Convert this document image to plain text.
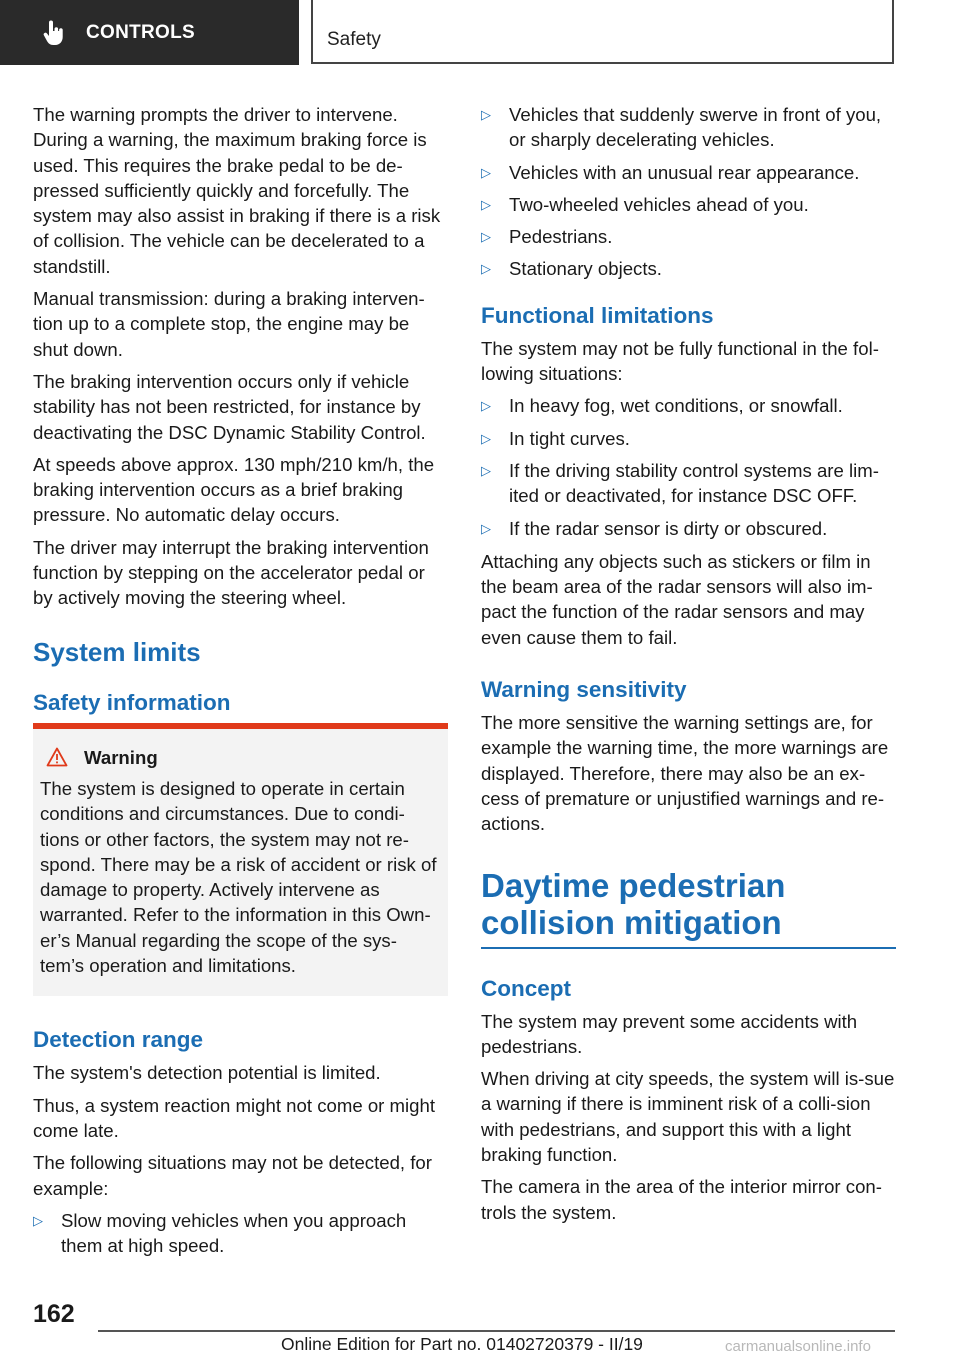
CONTROLS	Safety

The warning prompts the driver to intervene. During a warning, the maximum braking force is used. This requires the brake pedal to be de-pressed sufficiently quickly and forcefully. The system may also assist in braking if there is a risk of collision. The vehicle can be decelerated to a standstill.

Manual transmission: during a braking interven-tion up to a complete stop, the engine may be shut down.

The braking intervention occurs only if vehicle stability has not been restricted, for instance by deactivating the DSC Dynamic Stability Control.

At speeds above approx. 130 mph/210 km/h, the braking intervention occurs as a brief braking pressure. No automatic delay occurs.

The driver may interrupt the braking intervention function by stepping on the accelerator pedal or by actively moving the steering wheel.

System limits
Safety information
Warning

The system is designed to operate in certain conditions and circumstances. Due to condi-tions or other factors, the system may not re-spond. There may be a risk of accident or risk of damage to property. Actively intervene as warranted. Refer to the information in this Own-er’s Manual regarding the scope of the sys-tem’s operation and limitations.

Detection range

The system's detection potential is limited.

Thus, a system reaction might not come or might come late.

The following situations may not be detected, for example:

▷ Slow moving vehicles when you approach them at high speed.
▷ Vehicles that suddenly swerve in front of you, or sharply decelerating vehicles.
▷ Vehicles with an unusual rear appearance.
▷ Two-wheeled vehicles ahead of you.
▷ Pedestrians.
▷ Stationary objects.
Functional limitations

The system may not be fully functional in the fol-lowing situations:

▷ In heavy fog, wet conditions, or snowfall.
▷ In tight curves.
▷ If the driving stability control systems are lim-ited or deactivated, for instance DSC OFF.
▷ If the radar sensor is dirty or obscured.

Attaching any objects such as stickers or film in the beam area of the radar sensors will also im-pact the function of the radar sensors and may even cause them to fail.

Warning sensitivity

The more sensitive the warning settings are, for example the warning time, the more warnings are displayed. Therefore, there may also be an ex-cess of premature or unjustified warnings and re-actions.

Daytime pedestrian collision mitigation
Concept

The system may prevent some accidents with pedestrians.

When driving at city speeds, the system will is-sue a warning if there is imminent risk of a colli-sion with pedestrians, and support this with a light braking function.

The camera in the area of the interior mirror con-trols the system.

162
Online Edition for Part no. 01402720379 - II/19	carmanualsonline.info
